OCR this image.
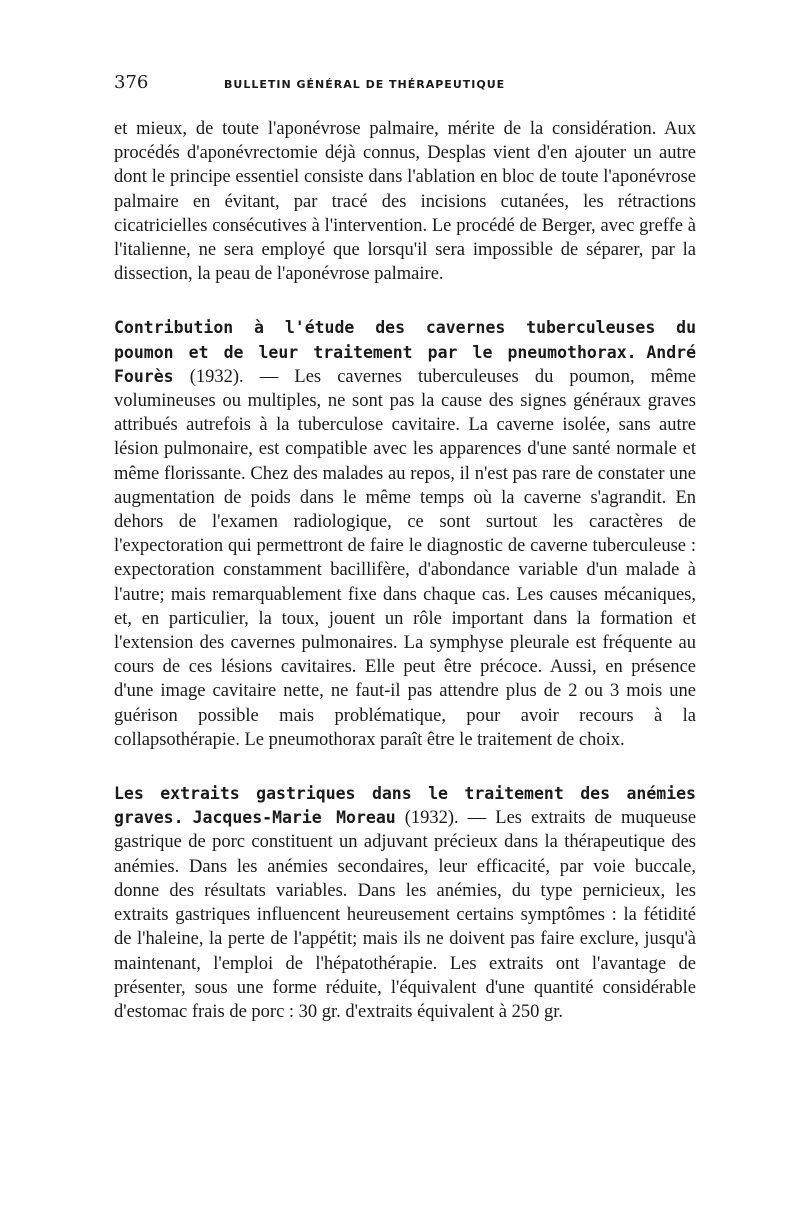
376	BULLETIN GÉNÉRAL DE THÉRAPEUTIQUE

et mieux, de toute l'aponévrose palmaire, mérite de la considération. Aux procédés d'aponévrectomie déjà connus, Desplas vient d'en ajouter un autre dont le principe essentiel consiste dans l'ablation en bloc de toute l'aponévrose palmaire en évitant, par tracé des incisions cutanées, les rétractions cicatricielles consécutives à l'intervention. Le procédé de Berger, avec greffe à l'italienne, ne sera employé que lorsqu'il sera impossible de séparer, par la dissection, la peau de l'aponévrose palmaire.

Contribution à l'étude des cavernes tuberculeuses du poumon et de leur traitement par le pneumothorax. André Fourès (1932). — Les cavernes tuberculeuses du poumon, même volumineuses ou multiples, ne sont pas la cause des signes généraux graves attribués autrefois à la tuberculose cavitaire. La caverne isolée, sans autre lésion pulmonaire, est compatible avec les apparences d'une santé normale et même florissante. Chez des malades au repos, il n'est pas rare de constater une augmentation de poids dans le même temps où la caverne s'agrandit. En dehors de l'examen radiologique, ce sont surtout les caractères de l'expectoration qui permettront de faire le diagnostic de caverne tuberculeuse : expectoration constamment bacillifère, d'abondance variable d'un malade à l'autre; mais remarquablement fixe dans chaque cas. Les causes mécaniques, et, en particulier, la toux, jouent un rôle important dans la formation et l'extension des cavernes pulmonaires. La symphyse pleurale est fréquente au cours de ces lésions cavitaires. Elle peut être précoce. Aussi, en présence d'une image cavitaire nette, ne faut-il pas attendre plus de 2 ou 3 mois une guérison possible mais problématique, pour avoir recours à la collapsothérapie. Le pneumothorax paraît être le traitement de choix.

Les extraits gastriques dans le traitement des anémies graves. Jacques-Marie Moreau (1932). — Les extraits de muqueuse gastrique de porc constituent un adjuvant précieux dans la thérapeutique des anémies. Dans les anémies secondaires, leur efficacité, par voie buccale, donne des résultats variables. Dans les anémies, du type pernicieux, les extraits gastriques influencent heureusement certains symptômes : la fétidité de l'haleine, la perte de l'appétit; mais ils ne doivent pas faire exclure, jusqu'à maintenant, l'emploi de l'hépatothérapie. Les extraits ont l'avantage de présenter, sous une forme réduite, l'équivalent d'une quantité considérable d'estomac frais de porc : 30 gr. d'extraits équivalent à 250 gr.
